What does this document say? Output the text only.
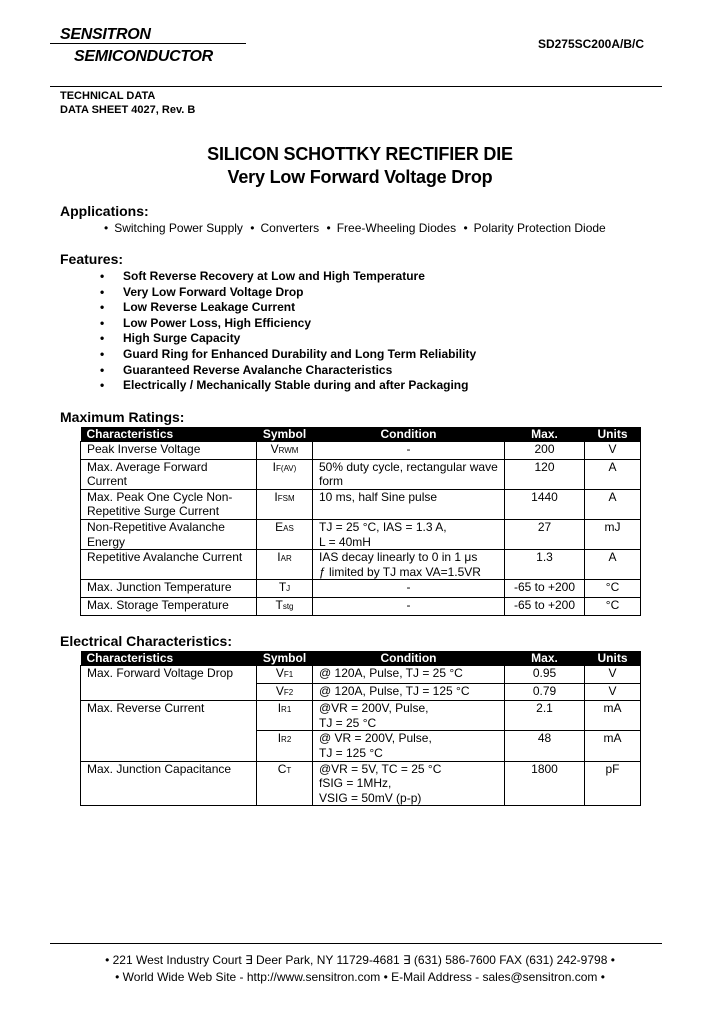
SENSITRON
SEMICONDUCTOR
SD275SC200A/B/C
TECHNICAL DATA
DATA SHEET 4027, Rev. B
SILICON SCHOTTKY RECTIFIER DIE
Very Low Forward Voltage Drop
Applications:
• Switching Power Supply • Converters • Free-Wheeling Diodes • Polarity Protection Diode
Features:
• Soft Reverse Recovery at Low and High Temperature
• Very Low Forward Voltage Drop
• Low Reverse Leakage Current
• Low Power Loss, High Efficiency
• High Surge Capacity
• Guard Ring for Enhanced Durability and Long Term Reliability
• Guaranteed Reverse Avalanche Characteristics
• Electrically / Mechanically Stable during and after Packaging
Maximum Ratings:
Characteristics	Symbol	Condition	Max.	Units
Peak Inverse Voltage	VRWM	-	200	V
Max. Average Forward Current	IF(AV)	50% duty cycle, rectangular wave
form	120	A
Max. Peak One Cycle Non-Repetitive Surge Current	IFSM	10 ms, half Sine pulse	1440	A
Non-Repetitive Avalanche Energy	EAS	TJ = 25 °C, IAS = 1.3 A,
L = 40mH	27	mJ
Repetitive Avalanche Current	IAR	IAS decay linearly to 0 in 1 μs
ƒ limited by TJ max VA=1.5VR	1.3	A
Max. Junction Temperature	TJ	-	-65 to +200	°C
Max. Storage Temperature	Tstg	-	-65 to +200	°C
Electrical Characteristics:
Characteristics	Symbol	Condition	Max.	Units
Max. Forward Voltage Drop	VF1	@ 120A, Pulse, TJ = 25 °C	0.95	V
	VF2	@ 120A, Pulse, TJ = 125 °C	0.79	V
Max. Reverse Current	IR1	@VR = 200V, Pulse,
TJ = 25 °C	2.1	mA
	IR2	@ VR = 200V, Pulse,
TJ = 125 °C	48	mA
Max. Junction Capacitance	CT	@VR = 5V, TC = 25 °C
fSIG = 1MHz,
VSIG = 50mV (p-p)	1800	pF
• 221 West Industry Court ∃ Deer Park, NY 11729-4681 ∃ (631) 586-7600 FAX (631) 242-9798 •
• World Wide Web Site - http://www.sensitron.com • E-Mail Address - sales@sensitron.com •
